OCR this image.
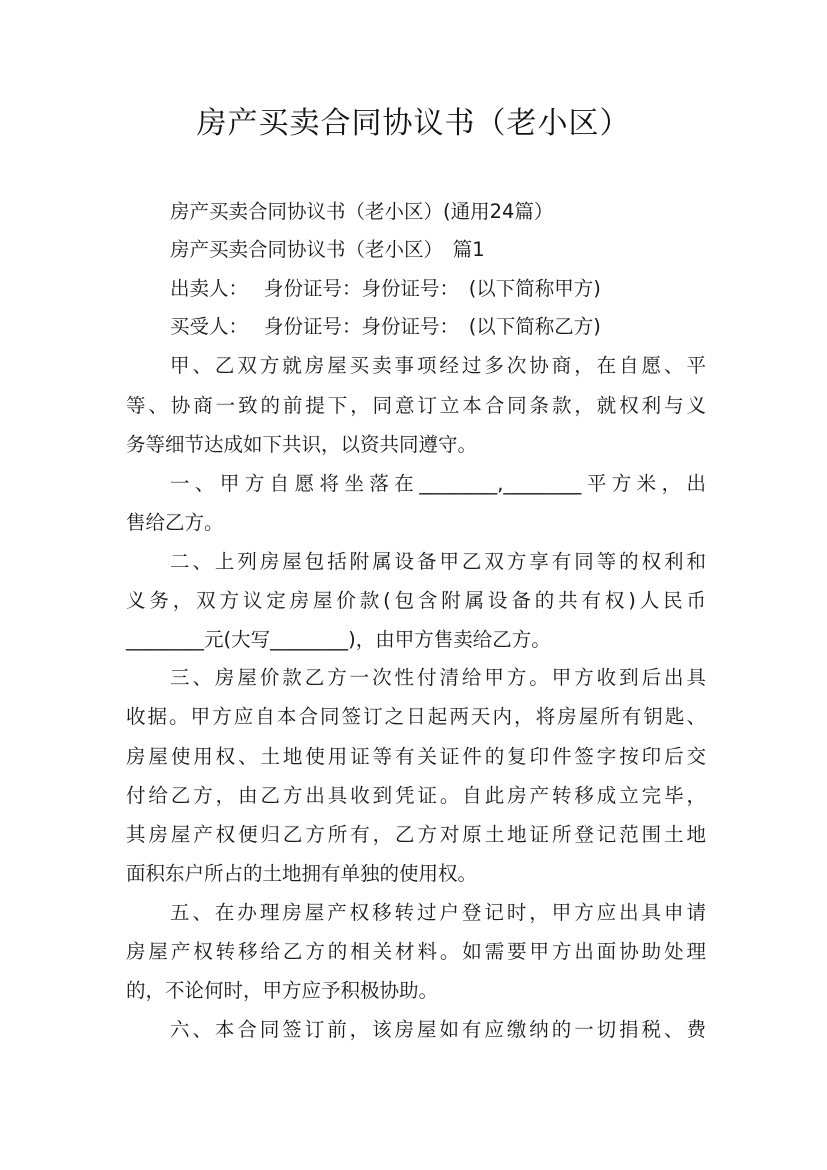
房产买卖合同协议书（老小区）

房产买卖合同协议书（老小区）(通用24篇）

房产买卖合同协议书（老小区）　篇1

出卖人：　 身份证号：身份证号：　(以下简称甲方)

买受人：　 身份证号：身份证号：　(以下简称乙方)

甲、乙双方就房屋买卖事项经过多次协商，在自愿、平

等、协商一致的前提下，同意订立本合同条款，就权利与义

务等细节达成如下共识，以资共同遵守。

一、甲方自愿将坐落在________,________平方米，出

售给乙方。

二、上列房屋包括附属设备甲乙双方享有同等的权利和

义务，双方议定房屋价款(包含附属设备的共有权)人民币

________元(大写________)，由甲方售卖给乙方。

三、房屋价款乙方一次性付清给甲方。甲方收到后出具

收据。甲方应自本合同签订之日起两天内，将房屋所有钥匙、

房屋使用权、土地使用证等有关证件的复印件签字按印后交

付给乙方，由乙方出具收到凭证。自此房产转移成立完毕，

其房屋产权便归乙方所有，乙方对原土地证所登记范围土地

面积东户所占的土地拥有单独的使用权。

五、在办理房屋产权移转过户登记时，甲方应出具申请

房屋产权转移给乙方的相关材料。如需要甲方出面协助处理

的，不论何时，甲方应予积极协助。

六、本合同签订前，该房屋如有应缴纳的一切捐税、费
